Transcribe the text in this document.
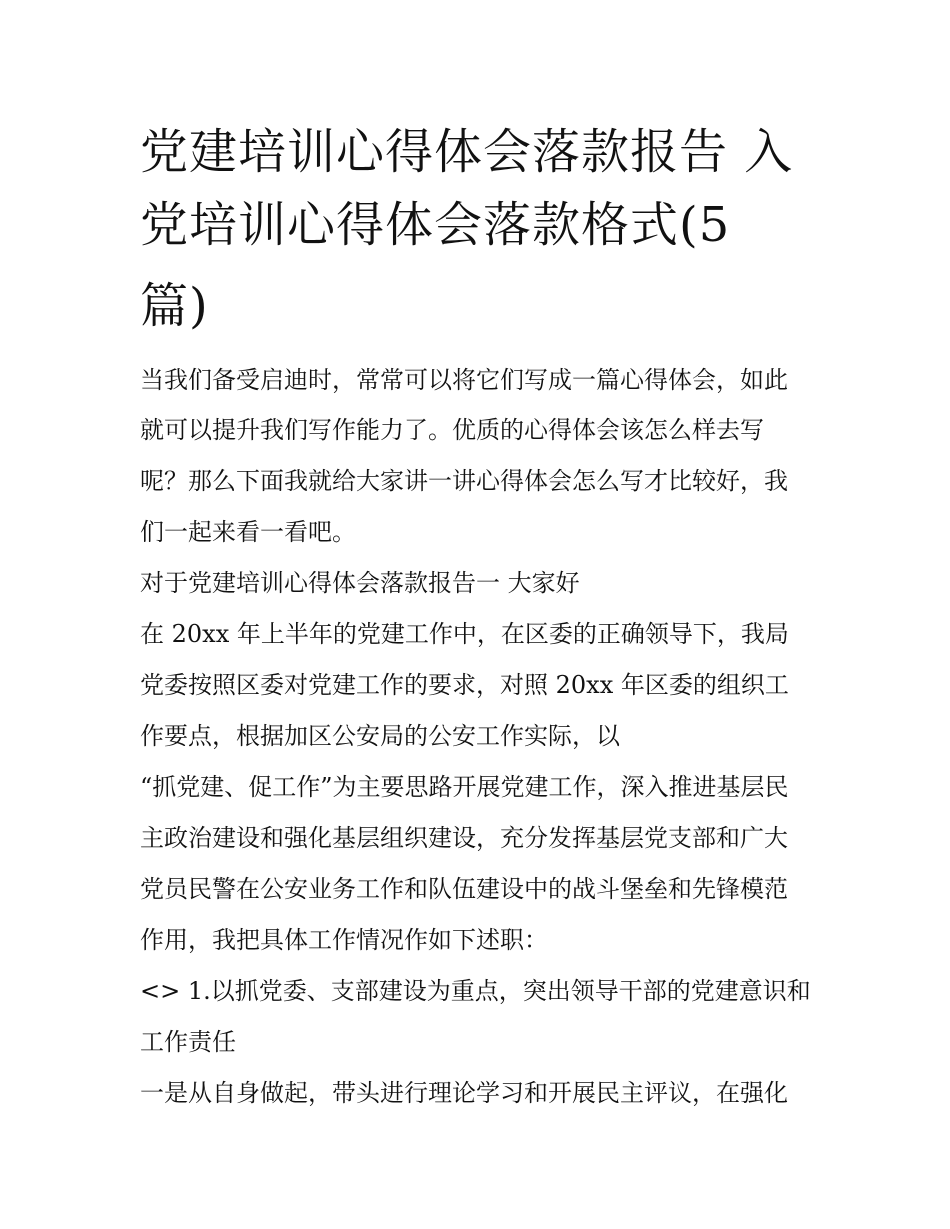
党建培训心得体会落款报告 入
党培训心得体会落款格式(5
篇)

当我们备受启迪时，常常可以将它们写成一篇心得体会，如此

就可以提升我们写作能力了。优质的心得体会该怎么样去写

呢？那么下面我就给大家讲一讲心得体会怎么写才比较好，我

们一起来看一看吧。

对于党建培训心得体会落款报告一 大家好

在 20xx 年上半年的党建工作中，在区委的正确领导下，我局

党委按照区委对党建工作的要求，对照 20xx 年区委的组织工

作要点，根据加区公安局的公安工作实际，以

“抓党建、促工作”为主要思路开展党建工作，深入推进基层民

主政治建设和强化基层组织建设，充分发挥基层党支部和广大

党员民警在公安业务工作和队伍建设中的战斗堡垒和先锋模范

作用，我把具体工作情况作如下述职：

<> 1.以抓党委、支部建设为重点，突出领导干部的党建意识和

工作责任

一是从自身做起，带头进行理论学习和开展民主评议，在强化
